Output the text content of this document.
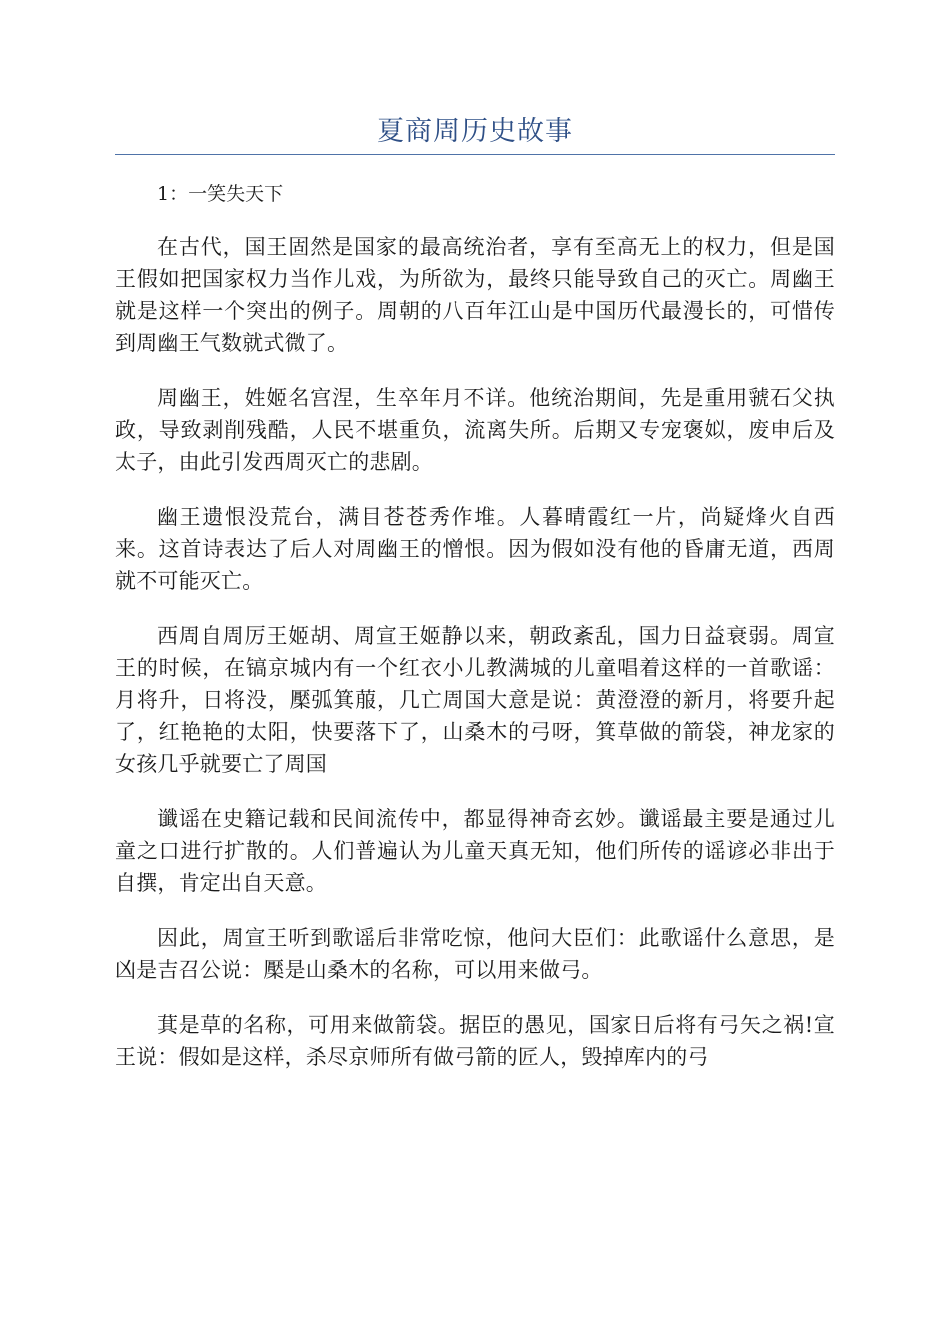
夏商周历史故事

1：一笑失天下

在古代，国王固然是国家的最高统治者，享有至高无上的权力，但是国王假如把国家权力当作儿戏，为所欲为，最终只能导致自己的灭亡。周幽王就是这样一个突出的例子。周朝的八百年江山是中国历代最漫长的，可惜传到周幽王气数就式微了。

周幽王，姓姬名宫涅，生卒年月不详。他统治期间，先是重用虢石父执政，导致剥削残酷，人民不堪重负，流离失所。后期又专宠褒姒，废申后及太子，由此引发西周灭亡的悲剧。

幽王遗恨没荒台，满目苍苍秀作堆。人暮晴霞红一片，尚疑烽火自西来。这首诗表达了后人对周幽王的憎恨。因为假如没有他的昏庸无道，西周就不可能灭亡。

西周自周厉王姬胡、周宣王姬静以来，朝政紊乱，国力日益衰弱。周宣王的时候，在镐京城内有一个红衣小儿教满城的儿童唱着这样的一首歌谣：月将升，日将没，檿弧箕菔，几亡周国大意是说：黄澄澄的新月，将要升起了，红艳艳的太阳，快要落下了，山桑木的弓呀，箕草做的箭袋，神龙家的女孩几乎就要亡了周国

谶谣在史籍记载和民间流传中，都显得神奇玄妙。谶谣最主要是通过儿童之口进行扩散的。人们普遍认为儿童天真无知，他们所传的谣谚必非出于自撰，肯定出自天意。

因此，周宣王听到歌谣后非常吃惊，他问大臣们：此歌谣什么意思，是凶是吉召公说：檿是山桑木的名称，可以用来做弓。

萁是草的名称，可用来做箭袋。据臣的愚见，国家日后将有弓矢之祸!宣王说：假如是这样，杀尽京师所有做弓箭的匠人，毁掉库内的弓
